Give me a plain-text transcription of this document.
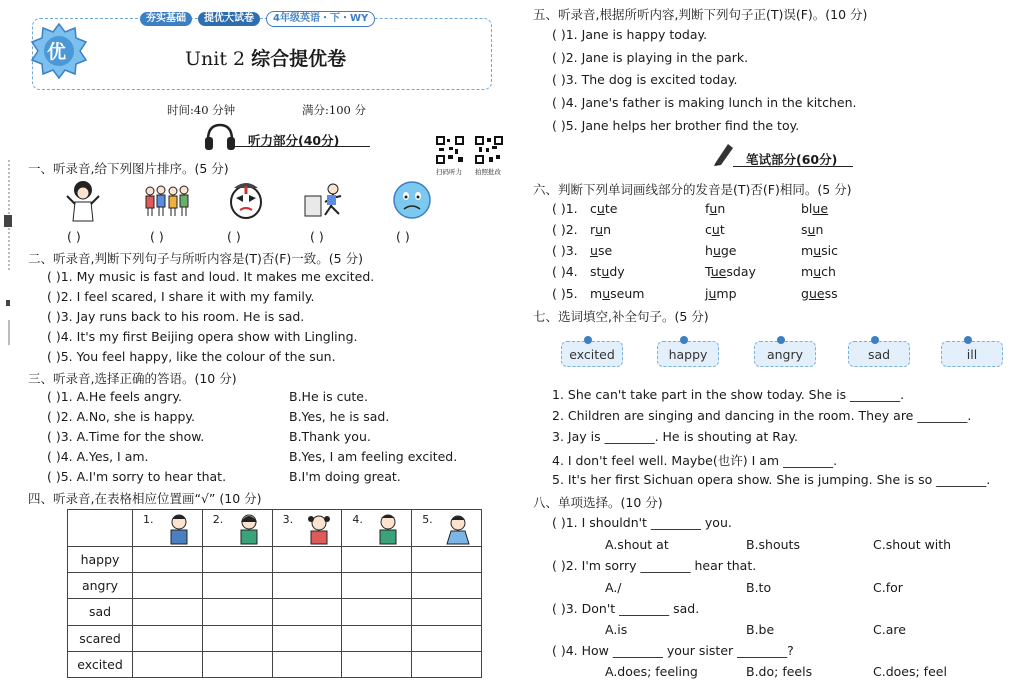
夯实基础	提优大试卷	4年级英语・下・WY
优	Unit 2 综合提优卷
时间:40 分钟	满分:100 分
听力部分(40分)
扫码听力 拍照批改
一、听录音,给下列图片排序。(5 分)
( )	( )	( )	( )	( )
二、听录音,判断下列句子与所听内容是(T)否(F)一致。(5 分)
( )1. My music is fast and loud. It makes me excited.
( )2. I feel scared, I share it with my family.
( )3. Jay runs back to his room. He is sad.
( )4. It's my first Beijing opera show with Lingling.
( )5. You feel happy, like the colour of the sun.
三、听录音,选择正确的答语。(10 分)
( )1. A.He feels angry.	B.He is cute.
( )2. A.No, she is happy.	B.Yes, he is sad.
( )3. A.Time for the show.	B.Thank you.
( )4. A.Yes, I am.	B.Yes, I am feeling excited.
( )5. A.I'm sorry to hear that.	B.I'm doing great.
四、听录音,在表格相应位置画“√” (10 分)

	1.	2.	3.	4.	5.

happy					
angry					
sad					
scared					
excited					
五、听录音,根据所听内容,判断下列句子正(T)误(F)。(10 分)
( )1. Jane is happy today.
( )2. Jane is playing in the park.
( )3. The dog is excited today.
( )4. Jane's father is making lunch in the kitchen.
( )5. Jane helps her brother find the toy.
笔试部分(60分)
六、判断下列单词画线部分的发音是(T)否(F)相同。(5 分)
( )1. cute	fun	blue
( )2. run	cut	sun
( )3. use	huge	music
( )4. study	Tuesday	much
( )5. museum	jump	guess
七、选词填空,补全句子。(5 分)
excited	happy	angry	sad	ill
1. She can't take part in the show today. She is ________.
2. Children are singing and dancing in the room. They are ________.
3. Jay is ________. He is shouting at Ray.
4. I don't feel well. Maybe(也许) I am ________.
5. It's her first Sichuan opera show. She is jumping. She is so ________.
八、单项选择。(10 分)
( )1. I shouldn't ________ you.
A.shout at	B.shouts	C.shout with
( )2. I'm sorry ________ hear that.
A./	B.to	C.for
( )3. Don't ________ sad.
A.is	B.be	C.are
( )4. How ________ your sister ________?
A.does; feeling	B.do; feels	C.does; feel
